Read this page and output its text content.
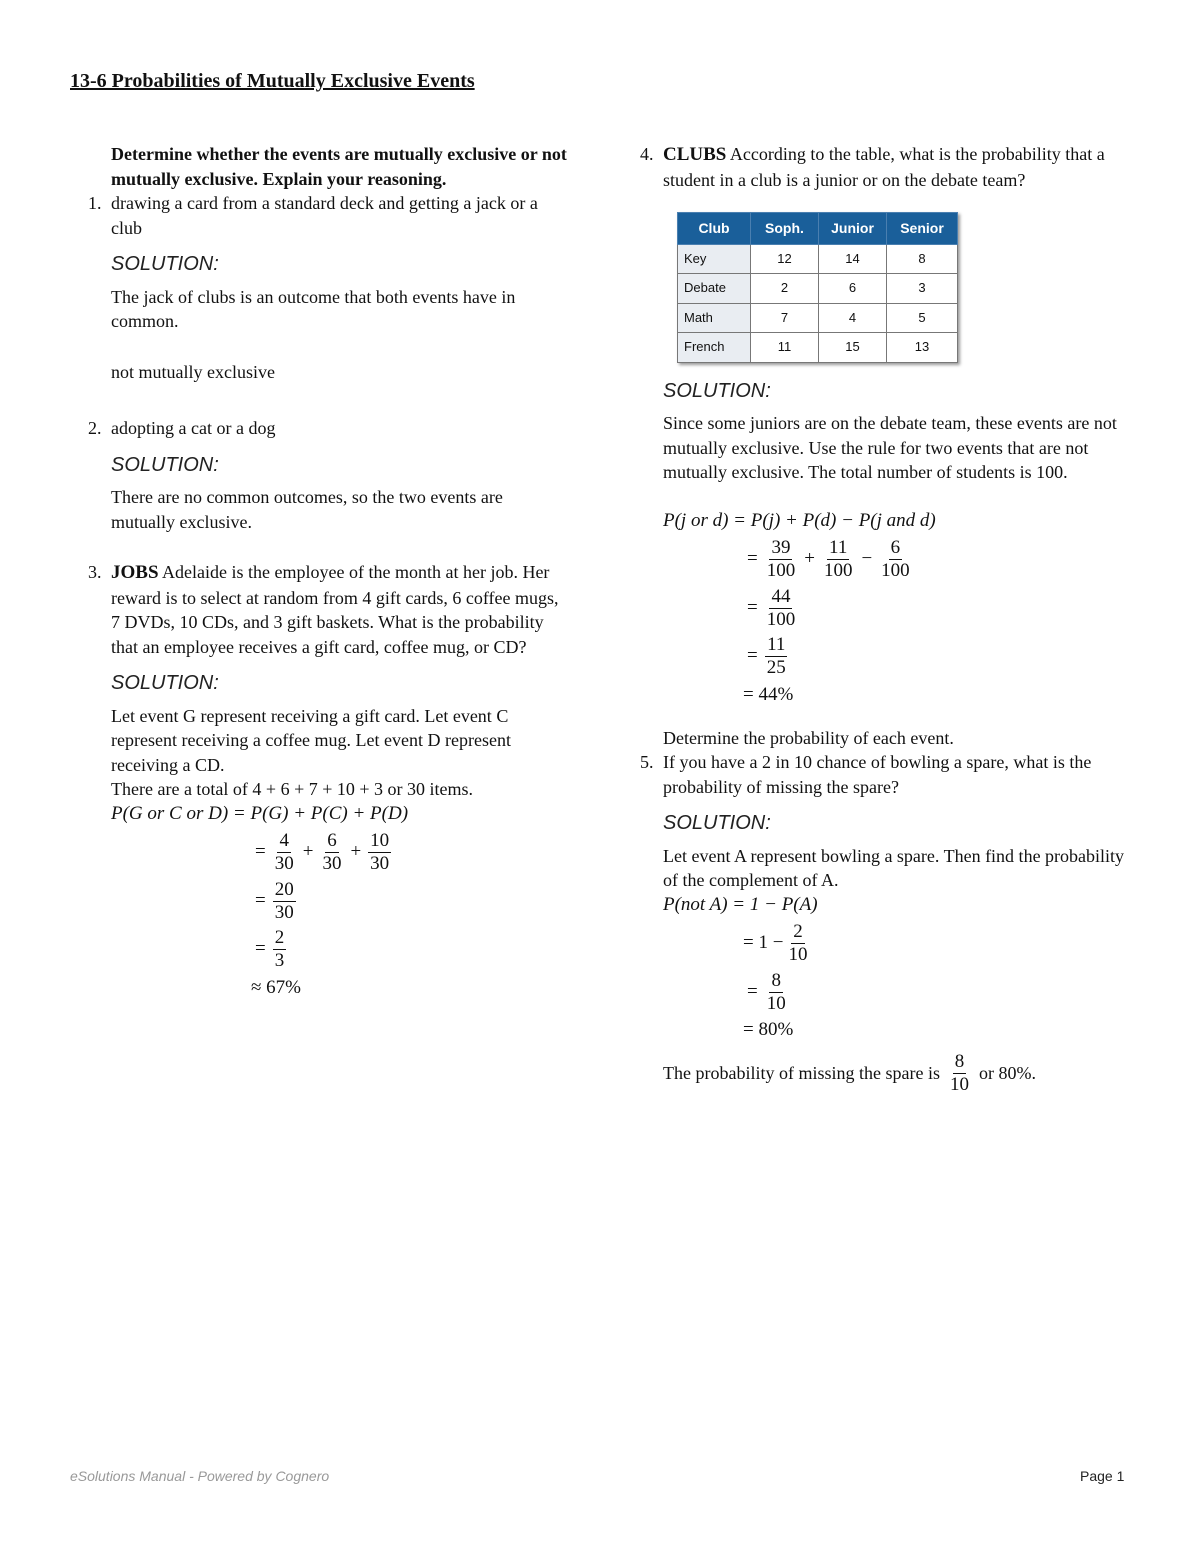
13-6 Probabilities of Mutually Exclusive Events
Determine whether the events are mutually exclusive or not mutually exclusive. Explain your reasoning.
1. drawing a card from a standard deck and getting a jack or a club
SOLUTION:
The jack of clubs is an outcome that both events have in common.
not mutually exclusive
2. adopting a cat or a dog
SOLUTION:
There are no common outcomes, so the two events are mutually exclusive.
3. JOBS Adelaide is the employee of the month at her job. Her reward is to select at random from 4 gift cards, 6 coffee mugs, 7 DVDs, 10 CDs, and 3 gift baskets. What is the probability that an employee receives a gift card, coffee mug, or CD?
SOLUTION:
Let event G represent receiving a gift card. Let event C represent receiving a coffee mug. Let event D represent receiving a CD.
There are a total of 4 + 6 + 7 + 10 + 3 or 30 items.
P(G or C or D) = P(G) + P(C) + P(D)
= $\frac{4}{30} + \frac{6}{30} + \frac{10}{30}$
= $\frac{20}{30}$
= $\frac{2}{3}$
≈ 67%
4. CLUBS According to the table, what is the probability that a student in a club is a junior or on the debate team?
Club	Soph.	Junior	Senior
Key	12	14	8
Debate	2	6	3
Math	7	4	5
French	11	15	13
SOLUTION:
Since some juniors are on the debate team, these events are not mutually exclusive. Use the rule for two events that are not mutually exclusive. The total number of students is 100.
P(j or d) = P(j) + P(d) − P(j and d)
= $\frac{39}{100} + \frac{11}{100} - \frac{6}{100}$
= $\frac{44}{100}$
= $\frac{11}{25}$
= 44%
Determine the probability of each event.
5. If you have a 2 in 10 chance of bowling a spare, what is the probability of missing the spare?
SOLUTION:
Let event A represent bowling a spare. Then find the probability of the complement of A.
P(not A) = 1 − P(A)
= $1 - \frac{2}{10}$
= $\frac{8}{10}$
= 80%
The probability of missing the spare is $\frac{8}{10}$ or 80%.
eSolutions Manual - Powered by Cognero	Page 1
